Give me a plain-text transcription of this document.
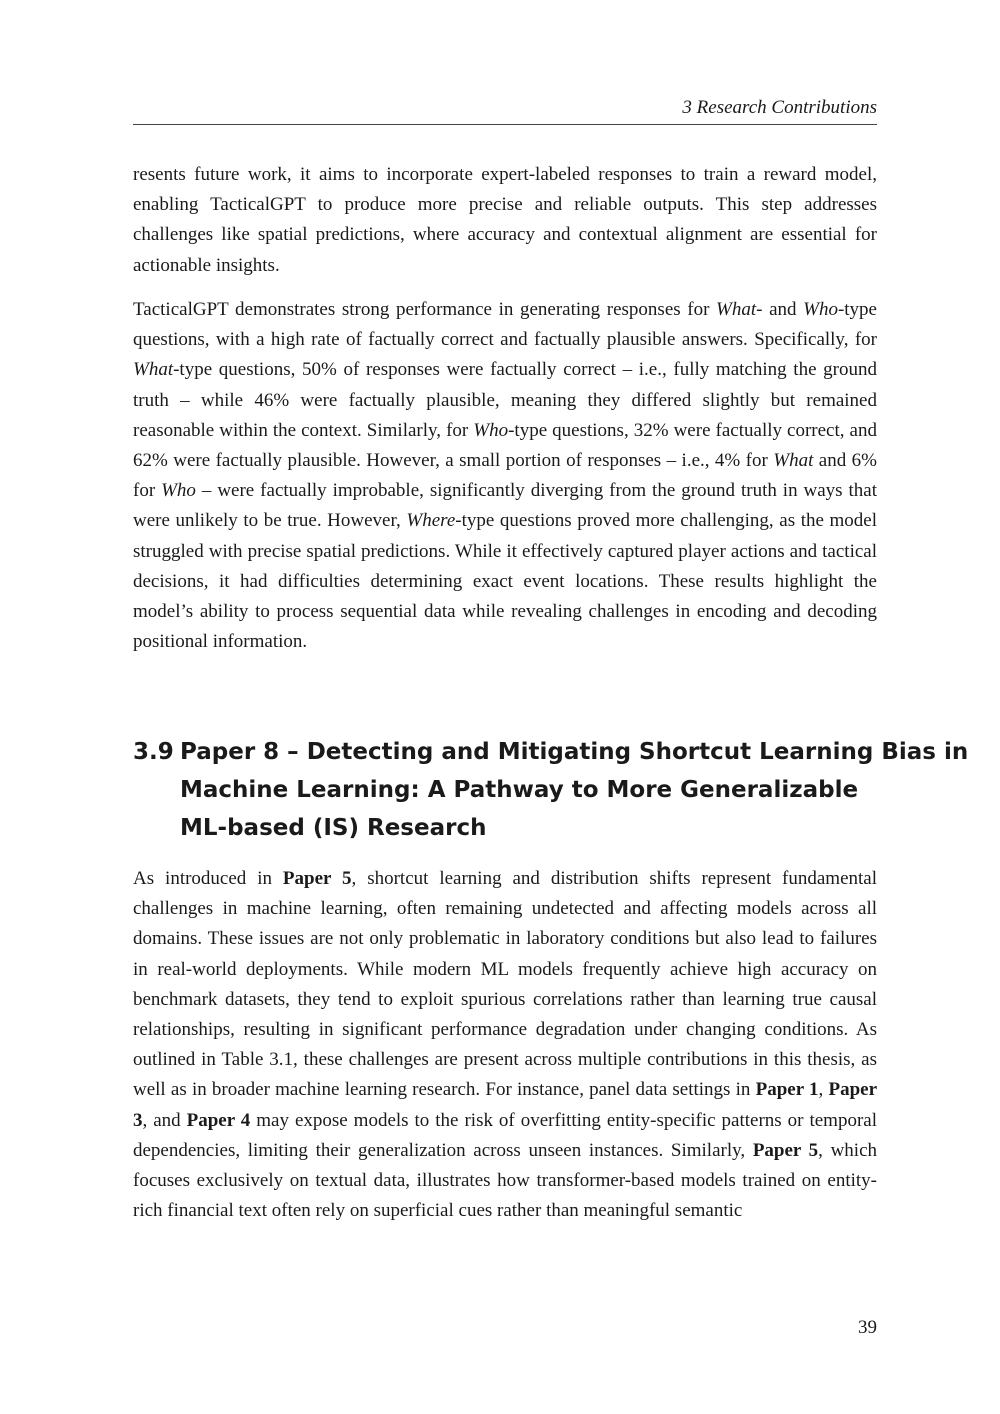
3 Research Contributions

resents future work, it aims to incorporate expert-labeled responses to train a reward model, enabling TacticalGPT to produce more precise and reliable outputs. This step addresses challenges like spatial predictions, where accuracy and contextual alignment are essential for actionable insights.

TacticalGPT demonstrates strong performance in generating responses for What- and Who-type questions, with a high rate of factually correct and factually plausible answers. Specifically, for What-type questions, 50% of responses were factually correct – i.e., fully matching the ground truth – while 46% were factually plausible, meaning they differed slightly but remained reasonable within the context. Similarly, for Who-type questions, 32% were factually correct, and 62% were factually plausible. However, a small portion of responses – i.e., 4% for What and 6% for Who – were factually improbable, significantly diverging from the ground truth in ways that were unlikely to be true. However, Where-type questions proved more challenging, as the model struggled with precise spatial predictions. While it effectively captured player actions and tactical decisions, it had difficulties determining exact event locations. These results highlight the model’s ability to process sequential data while revealing challenges in encoding and decoding positional information.

3.9 Paper 8 – Detecting and Mitigating Shortcut Learning Bias in
Machine Learning: A Pathway to More Generalizable
ML-based (IS) Research

As introduced in Paper 5, shortcut learning and distribution shifts represent fundamental challenges in machine learning, often remaining undetected and affecting models across all domains. These issues are not only problematic in laboratory conditions but also lead to failures in real-world deployments. While modern ML models frequently achieve high accuracy on benchmark datasets, they tend to exploit spurious correlations rather than learning true causal relationships, resulting in significant performance degradation under changing conditions. As outlined in Table 3.1, these challenges are present across multiple contributions in this thesis, as well as in broader machine learning research. For instance, panel data settings in Paper 1, Paper 3, and Paper 4 may expose models to the risk of overfitting entity-specific patterns or temporal dependencies, limiting their generalization across unseen instances. Similarly, Paper 5, which focuses exclusively on textual data, illustrates how transformer-based models trained on entity-rich financial text often rely on superficial cues rather than meaningful semantic

39
